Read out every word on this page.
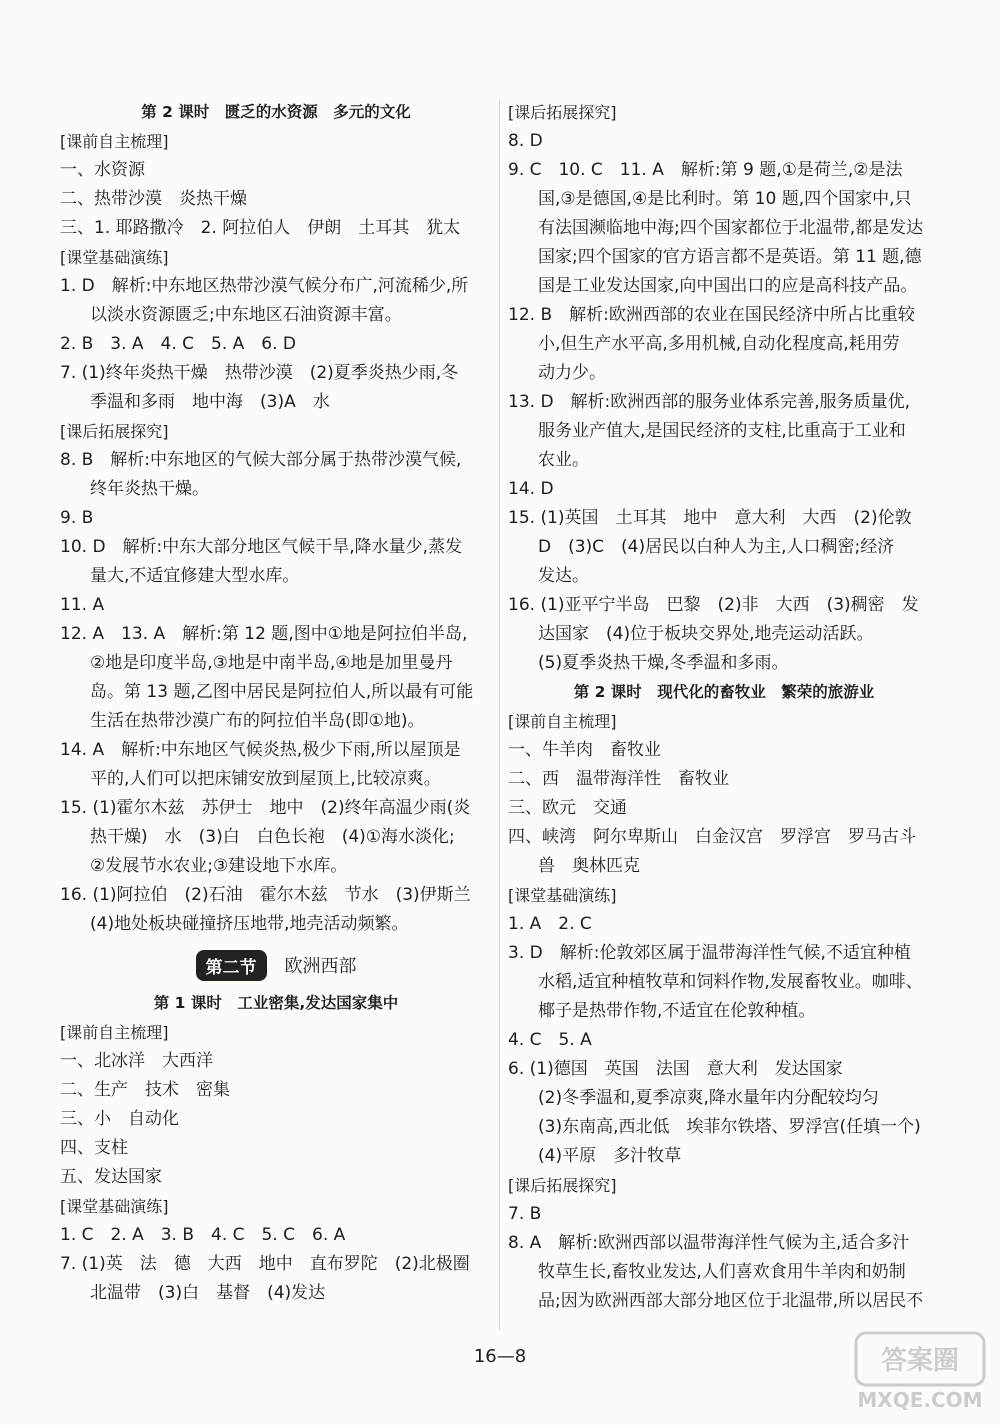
第 2 课时　匮乏的水资源　多元的文化
[课前自主梳理]
一、水资源
二、热带沙漠　炎热干燥
三、1. 耶路撒冷　2. 阿拉伯人　伊朗　土耳其　犹太
[课堂基础演练]
1. D　解析:中东地区热带沙漠气候分布广,河流稀少,所
以淡水资源匮乏;中东地区石油资源丰富。
2. B　3. A　4. C　5. A　6. D
7. (1)终年炎热干燥　热带沙漠　(2)夏季炎热少雨,冬
季温和多雨　地中海　(3)A　水
[课后拓展探究]
8. B　解析:中东地区的气候大部分属于热带沙漠气候,
终年炎热干燥。
9. B
10. D　解析:中东大部分地区气候干旱,降水量少,蒸发
量大,不适宜修建大型水库。
11. A
12. A　13. A　解析:第 12 题,图中①地是阿拉伯半岛,
②地是印度半岛,③地是中南半岛,④地是加里曼丹
岛。第 13 题,乙图中居民是阿拉伯人,所以最有可能
生活在热带沙漠广布的阿拉伯半岛(即①地)。
14. A　解析:中东地区气候炎热,极少下雨,所以屋顶是
平的,人们可以把床铺安放到屋顶上,比较凉爽。
15. (1)霍尔木兹　苏伊士　地中　(2)终年高温少雨(炎
热干燥)　水　(3)白　白色长袍　(4)①海水淡化;
②发展节水农业;③建设地下水库。
16. (1)阿拉伯　(2)石油　霍尔木兹　节水　(3)伊斯兰
(4)地处板块碰撞挤压地带,地壳活动频繁。
第二节	欧洲西部
第 1 课时　工业密集,发达国家集中
[课前自主梳理]
一、北冰洋　大西洋
二、生产　技术　密集
三、小　自动化
四、支柱
五、发达国家
[课堂基础演练]
1. C　2. A　3. B　4. C　5. C　6. A
7. (1)英　法　德　大西　地中　直布罗陀　(2)北极圈
北温带　(3)白　基督　(4)发达
[课后拓展探究]
8. D
9. C　10. C　11. A　解析:第 9 题,①是荷兰,②是法
国,③是德国,④是比利时。第 10 题,四个国家中,只
有法国濒临地中海;四个国家都位于北温带,都是发达
国家;四个国家的官方语言都不是英语。第 11 题,德
国是工业发达国家,向中国出口的应是高科技产品。
12. B　解析:欧洲西部的农业在国民经济中所占比重较
小,但生产水平高,多用机械,自动化程度高,耗用劳
动力少。
13. D　解析:欧洲西部的服务业体系完善,服务质量优,
服务业产值大,是国民经济的支柱,比重高于工业和
农业。
14. D
15. (1)英国　土耳其　地中　意大利　大西　(2)伦敦
D　(3)C　(4)居民以白种人为主,人口稠密;经济
发达。
16. (1)亚平宁半岛　巴黎　(2)非　大西　(3)稠密　发
达国家　(4)位于板块交界处,地壳运动活跃。
(5)夏季炎热干燥,冬季温和多雨。
第 2 课时　现代化的畜牧业　繁荣的旅游业
[课前自主梳理]
一、牛羊肉　畜牧业
二、西　温带海洋性　畜牧业
三、欧元　交通
四、峡湾　阿尔卑斯山　白金汉宫　罗浮宫　罗马古斗
兽　奥林匹克
[课堂基础演练]
1. A　2. C
3. D　解析:伦敦郊区属于温带海洋性气候,不适宜种植
水稻,适宜种植牧草和饲料作物,发展畜牧业。咖啡、
椰子是热带作物,不适宜在伦敦种植。
4. C　5. A
6. (1)德国　英国　法国　意大利　发达国家
(2)冬季温和,夏季凉爽,降水量年内分配较均匀
(3)东南高,西北低　埃菲尔铁塔、罗浮宫(任填一个)
(4)平原　多汁牧草
[课后拓展探究]
7. B
8. A　解析:欧洲西部以温带海洋性气候为主,适合多汁
牧草生长,畜牧业发达,人们喜欢食用牛羊肉和奶制
品;因为欧洲西部大部分地区位于北温带,所以居民不
16—8	答案圈
MXQE.COM
